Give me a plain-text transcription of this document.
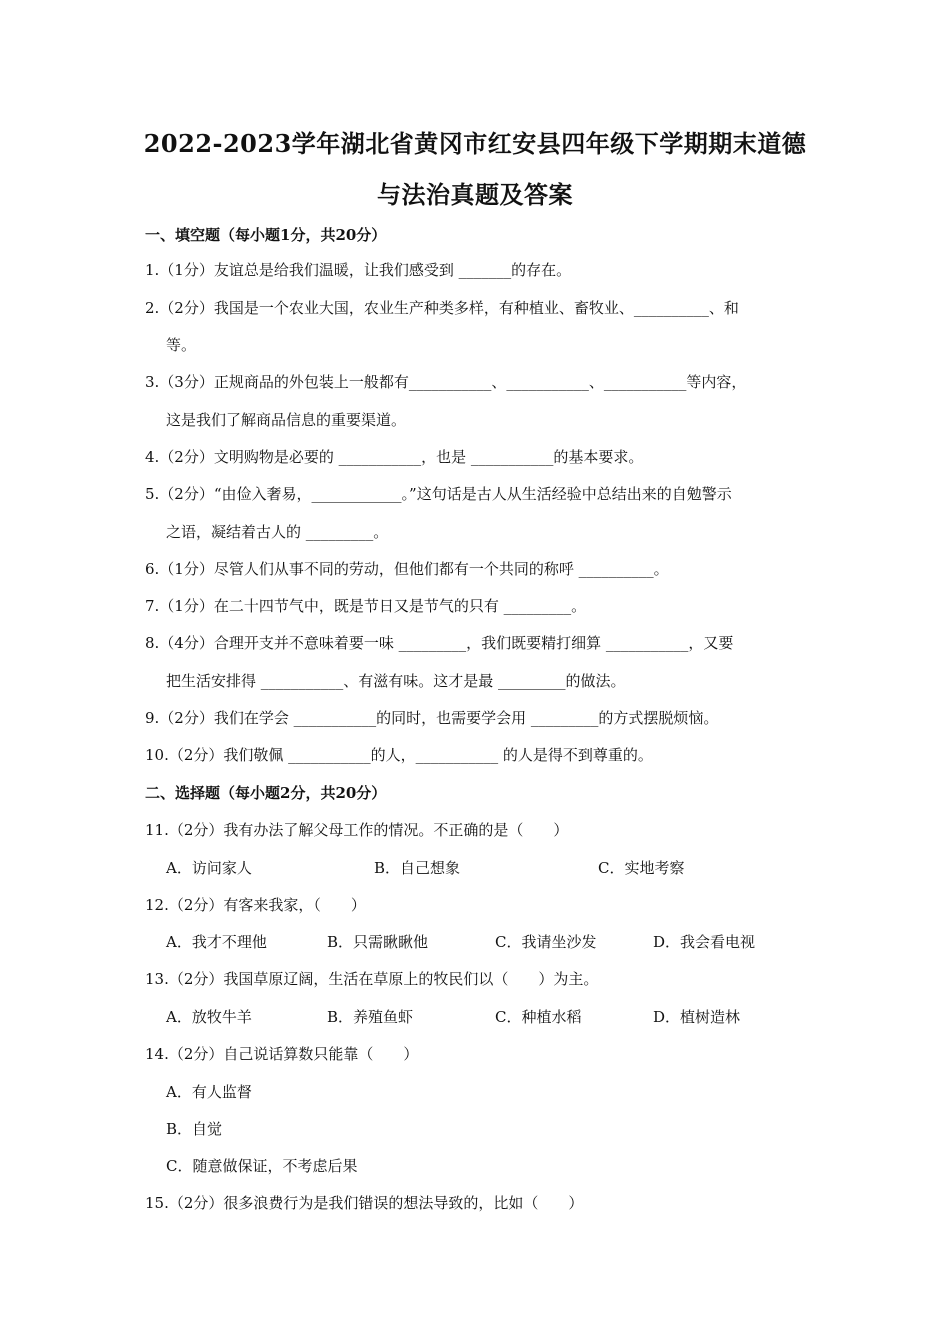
2022-2023学年湖北省黄冈市红安县四年级下学期期末道德
与法治真题及答案
一、填空题（每小题1分，共20分）
1.（1分）友谊总是给我们温暖，让我们感受到 _______的存在。
2.（2分）我国是一个农业大国，农业生产种类多样，有种植业、畜牧业、__________、和
等。
3.（3分）正规商品的外包装上一般都有___________、___________、___________等内容，
这是我们了解商品信息的重要渠道。
4.（2分）文明购物是必要的 ___________，也是 ___________的基本要求。
5.（2分）“由俭入奢易，____________。”这句话是古人从生活经验中总结出来的自勉警示
之语，凝结着古人的 _________。
6.（1分）尽管人们从事不同的劳动，但他们都有一个共同的称呼 __________。
7.（1分）在二十四节气中，既是节日又是节气的只有 _________。
8.（4分）合理开支并不意味着要一味 _________，我们既要精打细算 ___________，又要
把生活安排得 ___________、有滋有味。这才是最 _________的做法。
9.（2分）我们在学会 ___________的同时，也需要学会用 _________的方式摆脱烦恼。
10.（2分）我们敬佩 ___________的人，___________ 的人是得不到尊重的。
二、选择题（每小题2分，共20分）
11.（2分）我有办法了解父母工作的情况。不正确的是（　　）
A．访问家人	B．自己想象	C．实地考察
12.（2分）有客来我家，（　　）
A．我才不理他	B．只需瞅瞅他	C．我请坐沙发	D．我会看电视
13.（2分）我国草原辽阔，生活在草原上的牧民们以（　　）为主。
A．放牧牛羊	B．养殖鱼虾	C．种植水稻	D．植树造林
14.（2分）自己说话算数只能靠（　　）
A．有人监督
B．自觉
C．随意做保证，不考虑后果
15.（2分）很多浪费行为是我们错误的想法导致的，比如（　　）
